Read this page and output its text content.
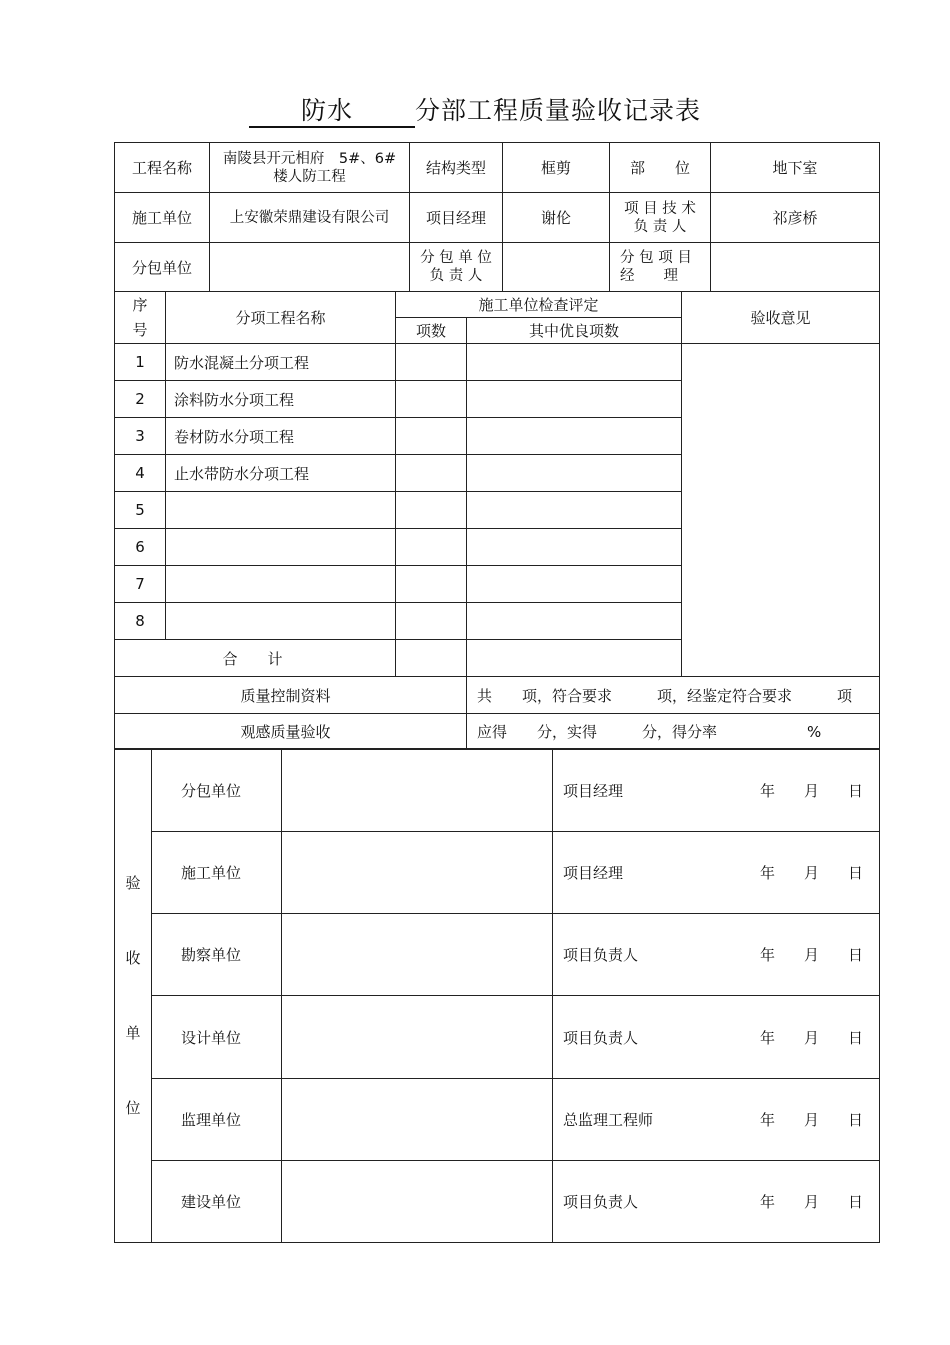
防水 分部工程质量验收记录表
工程名称	南陵县开元相府　5#、6#楼人防工程	结构类型	框剪	部　　位	地下室
施工单位	上安徽荣鼎建设有限公司	项目经理	谢伦	项 目 技 术 负 责 人	祁彦桥
分包单位		分 包 单 位 负 责 人		分 包 项 目 经　　理	
序号	分项工程名称	施工单位检查评定		验收意见
		项数	其中优良项数	
1	防水混凝土分项工程			
2	涂料防水分项工程			
3	卷材防水分项工程			
4	止水带防水分项工程			
5				
6				
7				
8				
合　　计				
质量控制资料			共　　项，符合要求　　　项，经鉴定符合要求　　　项	
观感质量验收			应得　　分，实得　　　分，得分率　　　　　　%	
验
收
单
位	分包单位		项目经理 年 月 日
	施工单位		项目经理 年 月 日
	勘察单位		项目负责人 年 月 日
	设计单位		项目负责人 年 月 日
	监理单位		总监理工程师 年 月 日
	建设单位		项目负责人 年 月 日
